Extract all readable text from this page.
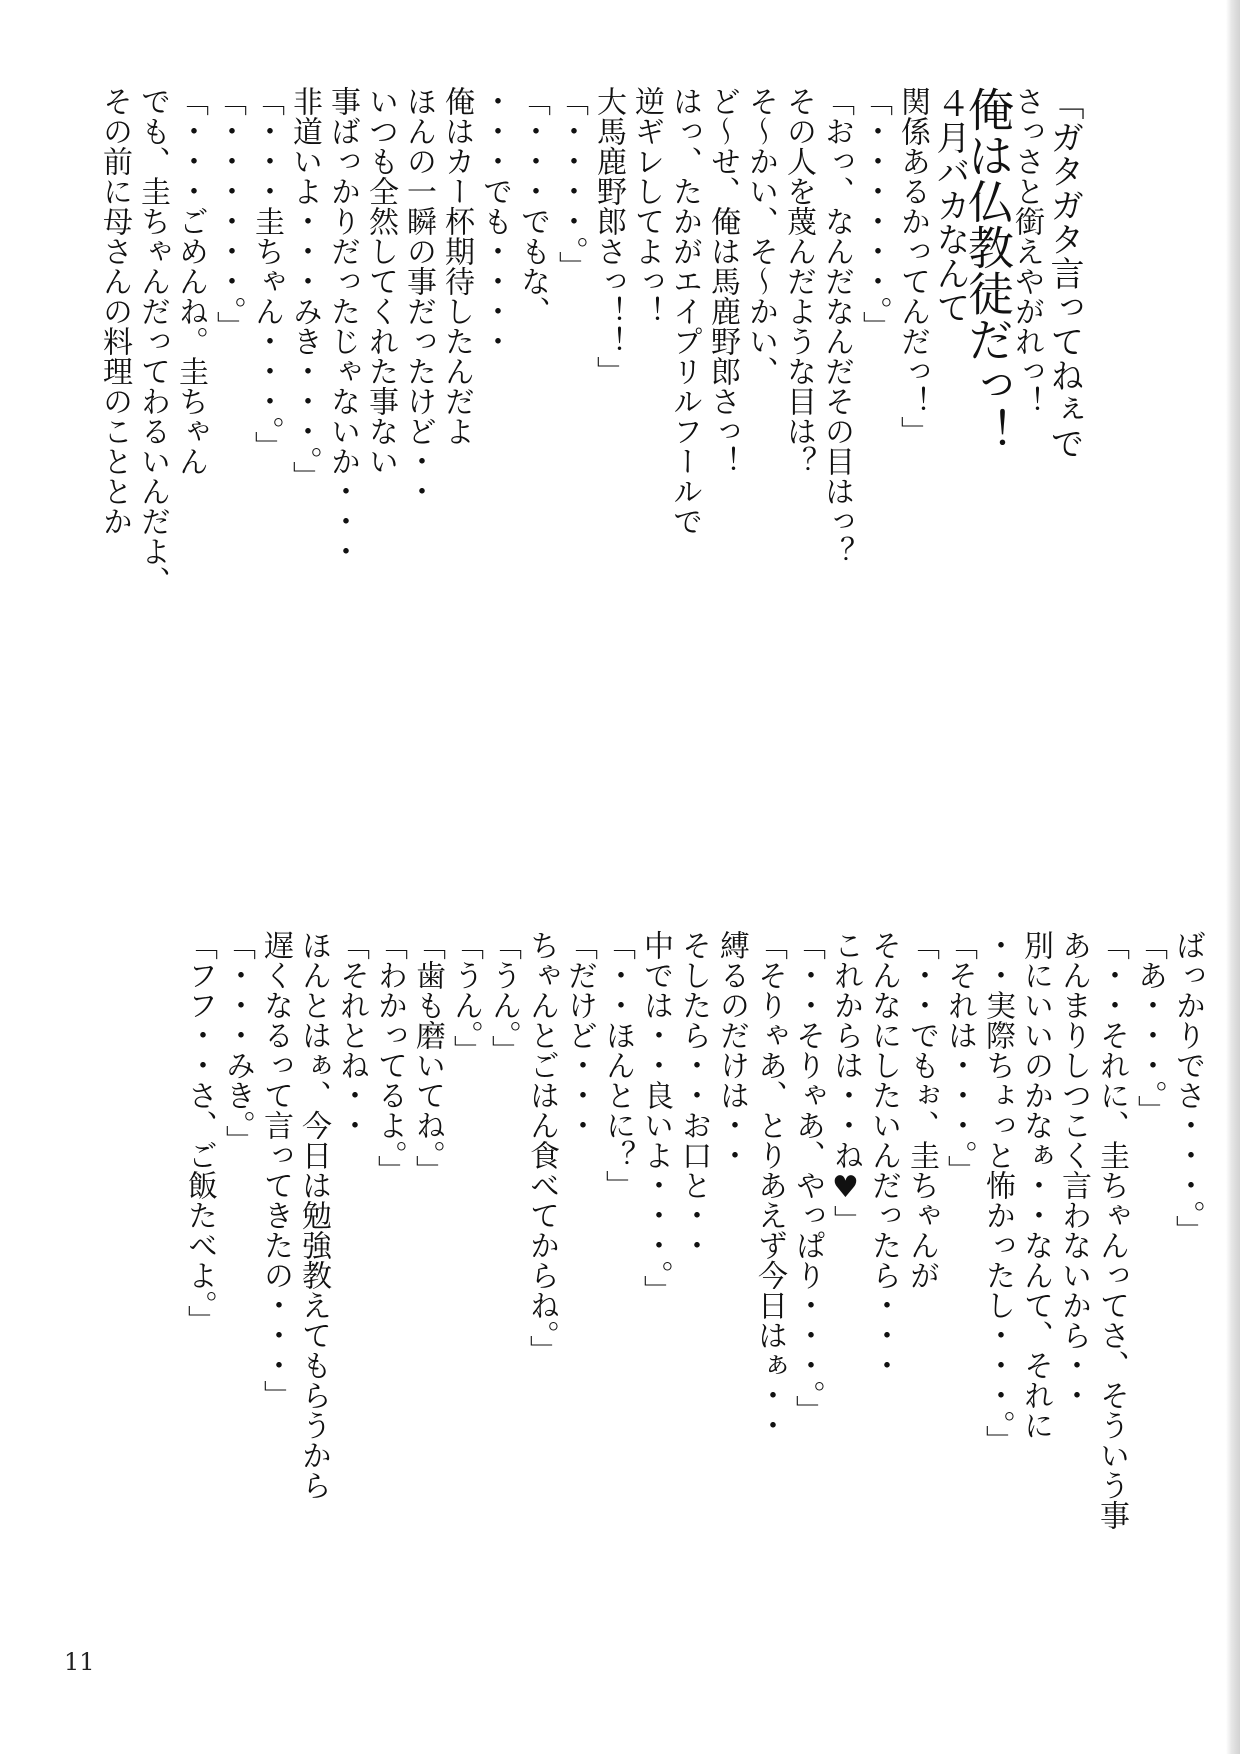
「ガタガタ言ってねぇで
さっさと銜えやがれっ！
俺は仏教徒だっ！
４月バカなんて
関係あるかってんだっ！」
「・・・・・・。」
「おっ、なんだなんだその目はっ？
その人を蔑んだような目は？
そ～かい、そ～かい、
ど～せ、俺は馬鹿野郎さっ！
はっ、たかがエイプリルフールで
逆ギレしてよっ！
大馬鹿野郎さっ！！」
「・・・・。」
「・・・でもな、
・・・でも・・・・
俺はカー杯期待したんだよ
ほんの一瞬の事だったけど・・
いつも全然してくれた事ない
事ばっかりだったじゃないか・・・
非道いよ・・・みき・・・。」
「・・・圭ちゃん・・・。」
「・・・・・・。」
「・・・ごめんね。圭ちゃん
でも、圭ちゃんだってわるいんだよ、
その前に母さんの料理のこととか
ばっかりでさ・・・。」
「あ・・・。」
「・・それに、圭ちゃんってさ、そういう事
あんまりしつこく言わないから・・
別にいいのかなぁ・・なんて、それに
・・実際ちょっと怖かったし・・・。」
「それは・・・。」
「・・でもぉ、圭ちゃんが
そんなにしたいんだったら・・・
これからは・・ね♥」
「・・そりゃあ、やっぱり・・・。」
「そりゃあ、とりあえず今日はぁ・・
縛るのだけは・・
そしたら・・お口と・・
中では・・良いよ・・・。」
「・・ほんとに？」
「だけど・・・
ちゃんとごはん食べてからね。」
「うん。」
「うん。」
「歯も磨いてね。」
「わかってるよ。」
「それとね・・
ほんとはぁ、今日は勉強教えてもらうから
遅くなるって言ってきたの・・・」
「・・・みき。」
「フフ・・さ、ご飯たべよ。」
11
